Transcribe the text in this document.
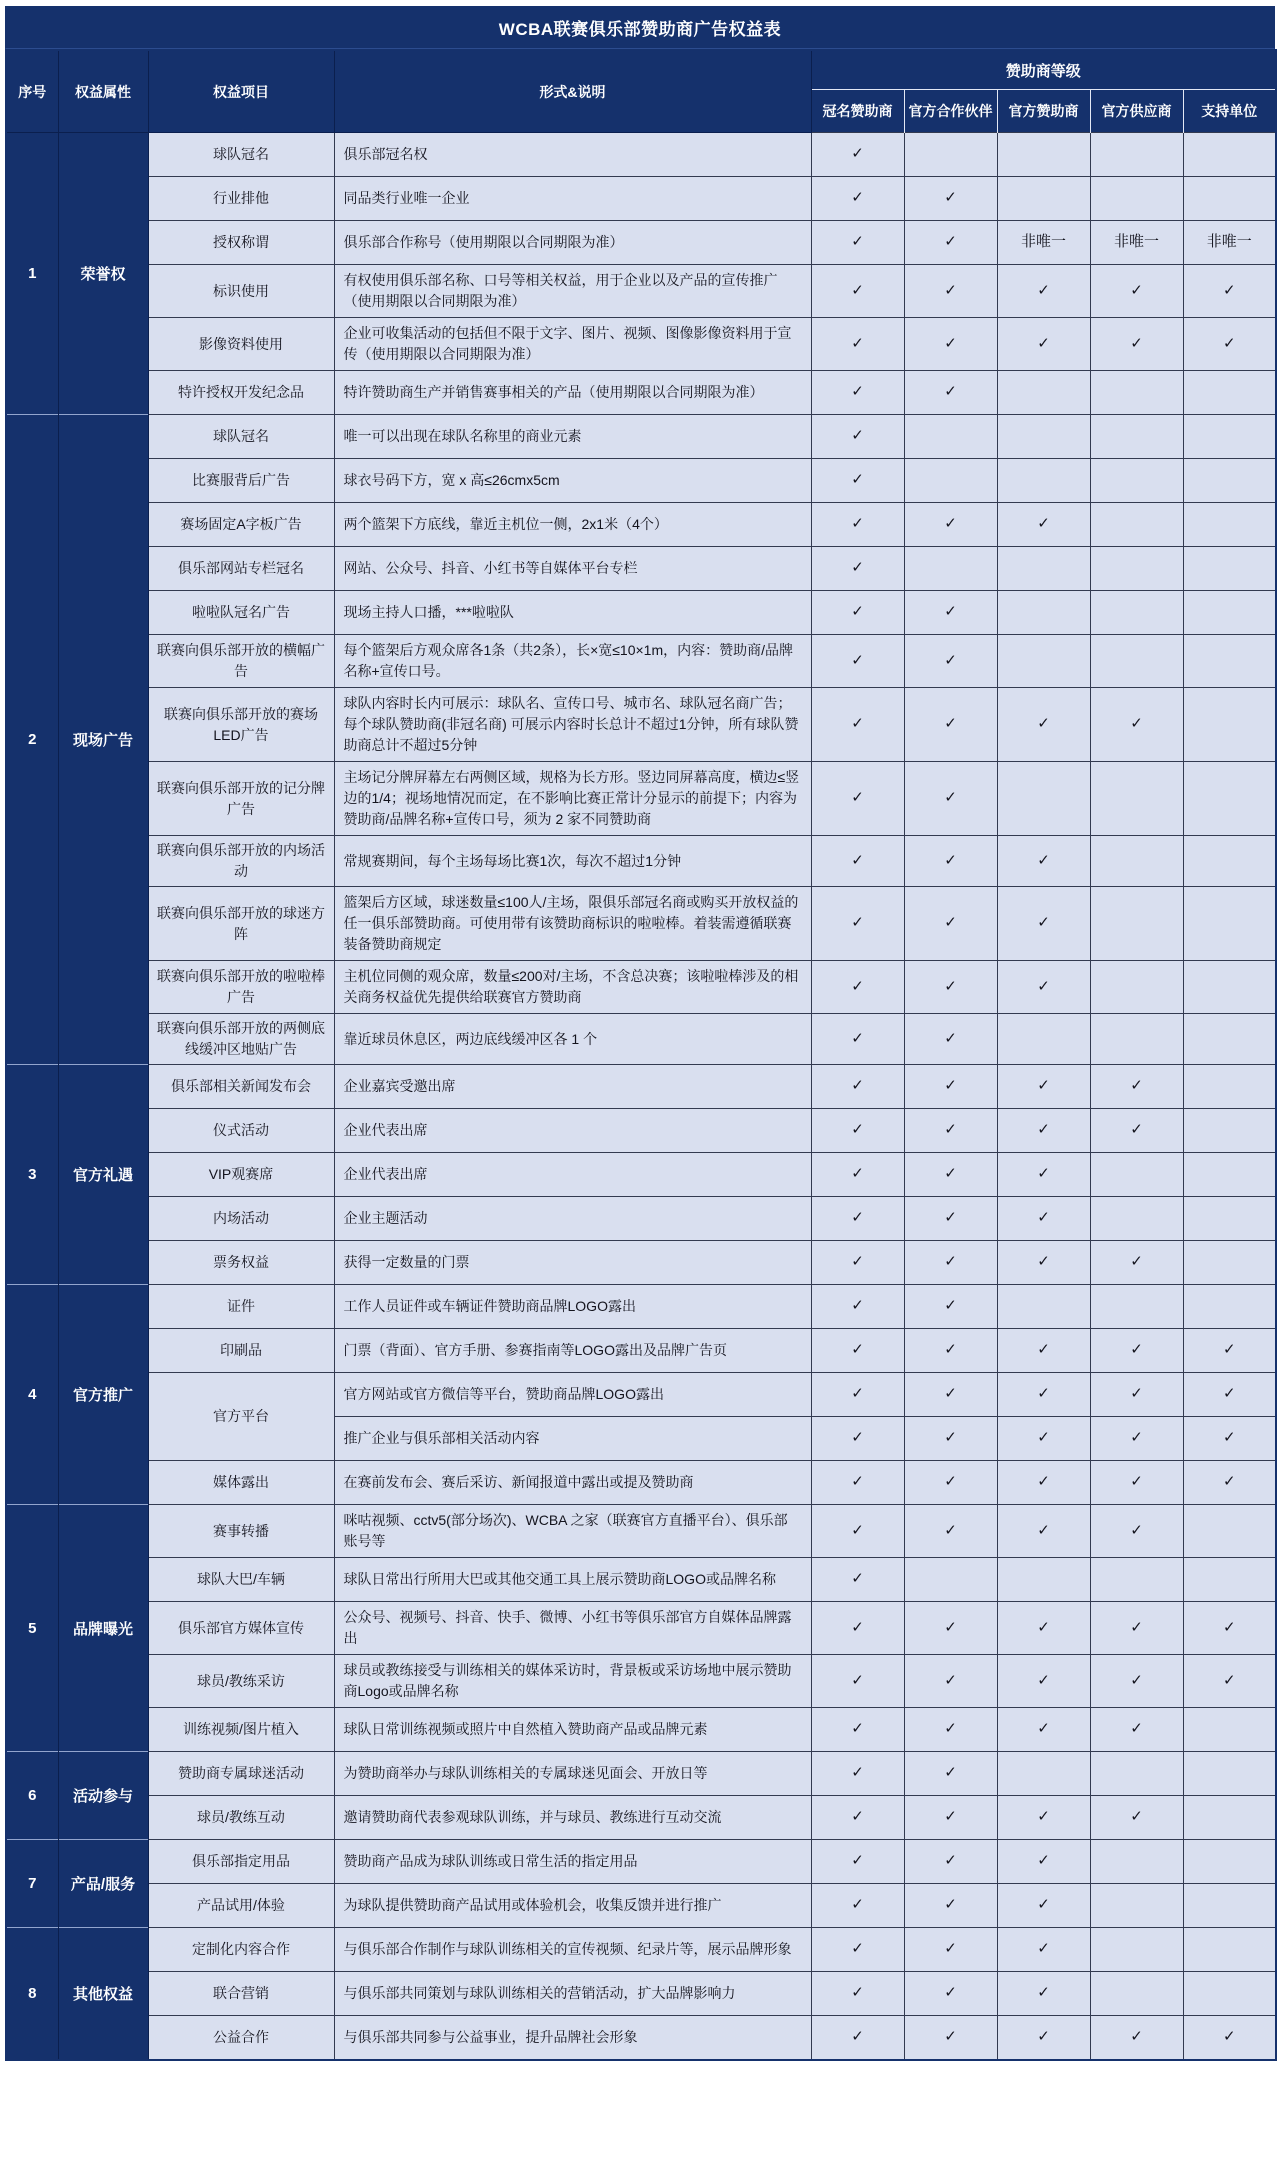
WCBA联赛俱乐部赞助商广告权益表
序号	权益属性	权益项目	形式&说明	赞助商等级				
				冠名赞助商	官方合作伙伴	官方赞助商	官方供应商	支持单位
1	荣誉权	球队冠名	俱乐部冠名权	✓				
		行业排他	同品类行业唯一企业	✓	✓			
		授权称谓	俱乐部合作称号（使用期限以合同期限为准）	✓	✓	非唯一	非唯一	非唯一
		标识使用	有权使用俱乐部名称、口号等相关权益，用于企业以及产品的宣传推广（使用期限以合同期限为准）	✓	✓	✓	✓	✓
		影像资料使用	企业可收集活动的包括但不限于文字、图片、视频、图像影像资料用于宣传（使用期限以合同期限为准）	✓	✓	✓	✓	✓
		特许授权开发纪念品	特许赞助商生产并销售赛事相关的产品（使用期限以合同期限为准）	✓	✓			
2	现场广告	球队冠名	唯一可以出现在球队名称里的商业元素	✓				
		比赛服背后广告	球衣号码下方，宽 x 高≤26cmx5cm	✓				
		赛场固定A字板广告	两个篮架下方底线，靠近主机位一侧，2x1米（4个）	✓	✓	✓		
		俱乐部网站专栏冠名	网站、公众号、抖音、小红书等自媒体平台专栏	✓				
		啦啦队冠名广告	现场主持人口播，***啦啦队	✓	✓			
		联赛向俱乐部开放的横幅广告	每个篮架后方观众席各1条（共2条），长×宽≤10×1m，内容：赞助商/品牌名称+宣传口号。	✓	✓			
		联赛向俱乐部开放的赛场LED广告	球队内容时长内可展示：球队名、宣传口号、城市名、球队冠名商广告；每个球队赞助商(非冠名商) 可展示内容时长总计不超过1分钟，所有球队赞助商总计不超过5分钟	✓	✓	✓	✓	
		联赛向俱乐部开放的记分牌广告	主场记分牌屏幕左右两侧区域，规格为长方形。竖边同屏幕高度，横边≤竖边的1/4；视场地情况而定，在不影响比赛正常计分显示的前提下；内容为赞助商/品牌名称+宣传口号，须为 2 家不同赞助商	✓	✓			
		联赛向俱乐部开放的内场活动	常规赛期间，每个主场每场比赛1次，每次不超过1分钟	✓	✓	✓		
		联赛向俱乐部开放的球迷方阵	篮架后方区域，球迷数量≤100人/主场，限俱乐部冠名商或购买开放权益的任一俱乐部赞助商。可使用带有该赞助商标识的啦啦棒。着装需遵循联赛装备赞助商规定	✓	✓	✓		
		联赛向俱乐部开放的啦啦棒广告	主机位同侧的观众席，数量≤200对/主场，不含总决赛；该啦啦棒涉及的相关商务权益优先提供给联赛官方赞助商	✓	✓	✓		
		联赛向俱乐部开放的两侧底线缓冲区地贴广告	靠近球员休息区，两边底线缓冲区各 1 个	✓	✓			
3	官方礼遇	俱乐部相关新闻发布会	企业嘉宾受邀出席	✓	✓	✓	✓	
		仪式活动	企业代表出席	✓	✓	✓	✓	
		VIP观赛席	企业代表出席	✓	✓	✓		
		内场活动	企业主题活动	✓	✓	✓		
		票务权益	获得一定数量的门票	✓	✓	✓	✓	
4	官方推广	证件	工作人员证件或车辆证件赞助商品牌LOGO露出	✓	✓			
		印刷品	门票（背面）、官方手册、参赛指南等LOGO露出及品牌广告页	✓	✓	✓	✓	✓
		官方平台	官方网站或官方微信等平台，赞助商品牌LOGO露出	✓	✓	✓	✓	✓
			推广企业与俱乐部相关活动内容	✓	✓	✓	✓	✓
		媒体露出	在赛前发布会、赛后采访、新闻报道中露出或提及赞助商	✓	✓	✓	✓	✓
5	品牌曝光	赛事转播	咪咕视频、cctv5(部分场次)、WCBA 之家（联赛官方直播平台）、俱乐部账号等	✓	✓	✓	✓	
		球队大巴/车辆	球队日常出行所用大巴或其他交通工具上展示赞助商LOGO或品牌名称	✓				
		俱乐部官方媒体宣传	公众号、视频号、抖音、快手、微博、小红书等俱乐部官方自媒体品牌露出	✓	✓	✓	✓	✓
		球员/教练采访	球员或教练接受与训练相关的媒体采访时，背景板或采访场地中展示赞助商Logo或品牌名称	✓	✓	✓	✓	✓
		训练视频/图片植入	球队日常训练视频或照片中自然植入赞助商产品或品牌元素	✓	✓	✓	✓	
6	活动参与	赞助商专属球迷活动	为赞助商举办与球队训练相关的专属球迷见面会、开放日等	✓	✓			
		球员/教练互动	邀请赞助商代表参观球队训练，并与球员、教练进行互动交流	✓	✓	✓	✓	
7	产品/服务	俱乐部指定用品	赞助商产品成为球队训练或日常生活的指定用品	✓	✓	✓		
		产品试用/体验	为球队提供赞助商产品试用或体验机会，收集反馈并进行推广	✓	✓	✓		
8	其他权益	定制化内容合作	与俱乐部合作制作与球队训练相关的宣传视频、纪录片等，展示品牌形象	✓	✓	✓		
		联合营销	与俱乐部共同策划与球队训练相关的营销活动，扩大品牌影响力	✓	✓	✓		
		公益合作	与俱乐部共同参与公益事业，提升品牌社会形象	✓	✓	✓	✓	✓
